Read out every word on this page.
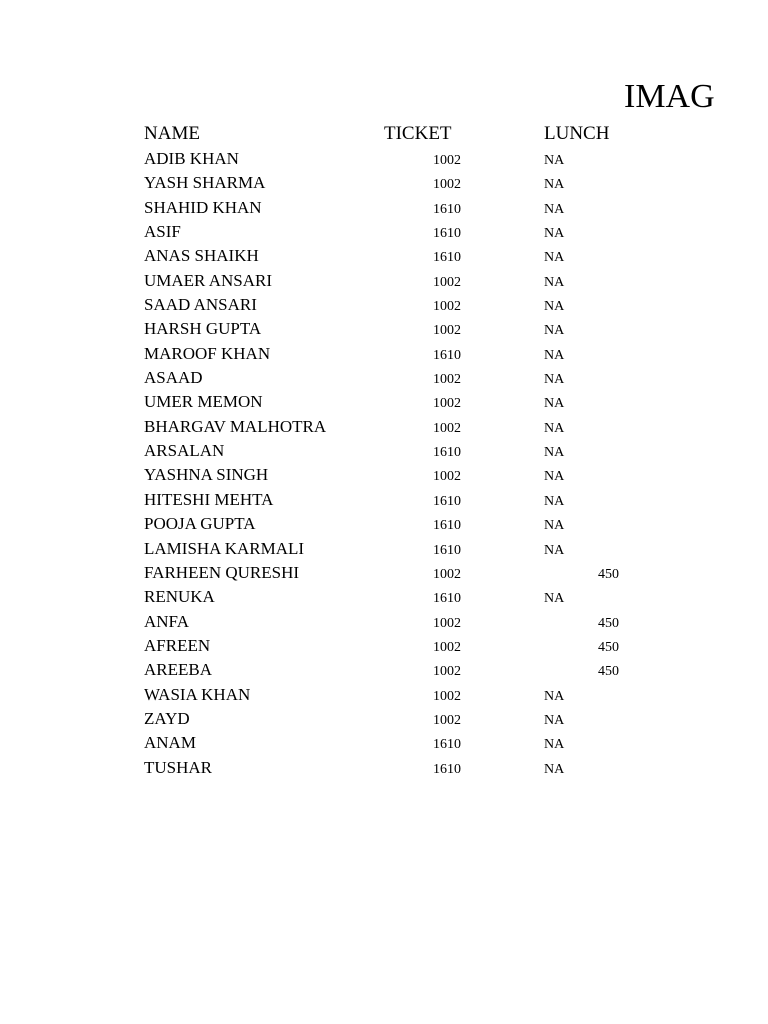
IMAG
NAME	TICKET	LUNCH
ADIB KHAN	1002	NA
YASH SHARMA	1002	NA
SHAHID KHAN	1610	NA
ASIF	1610	NA
ANAS SHAIKH	1610	NA
UMAER ANSARI	1002	NA
SAAD ANSARI	1002	NA
HARSH GUPTA	1002	NA
MAROOF KHAN	1610	NA
ASAAD	1002	NA
UMER MEMON	1002	NA
BHARGAV MALHOTRA	1002	NA
ARSALAN	1610	NA
YASHNA SINGH	1002	NA
HITESHI MEHTA	1610	NA
POOJA GUPTA	1610	NA
LAMISHA KARMALI	1610	NA
FARHEEN QURESHI	1002	450
RENUKA	1610	NA
ANFA	1002	450
AFREEN	1002	450
AREEBA	1002	450
WASIA KHAN	1002	NA
ZAYD	1002	NA
ANAM	1610	NA
TUSHAR	1610	NA
